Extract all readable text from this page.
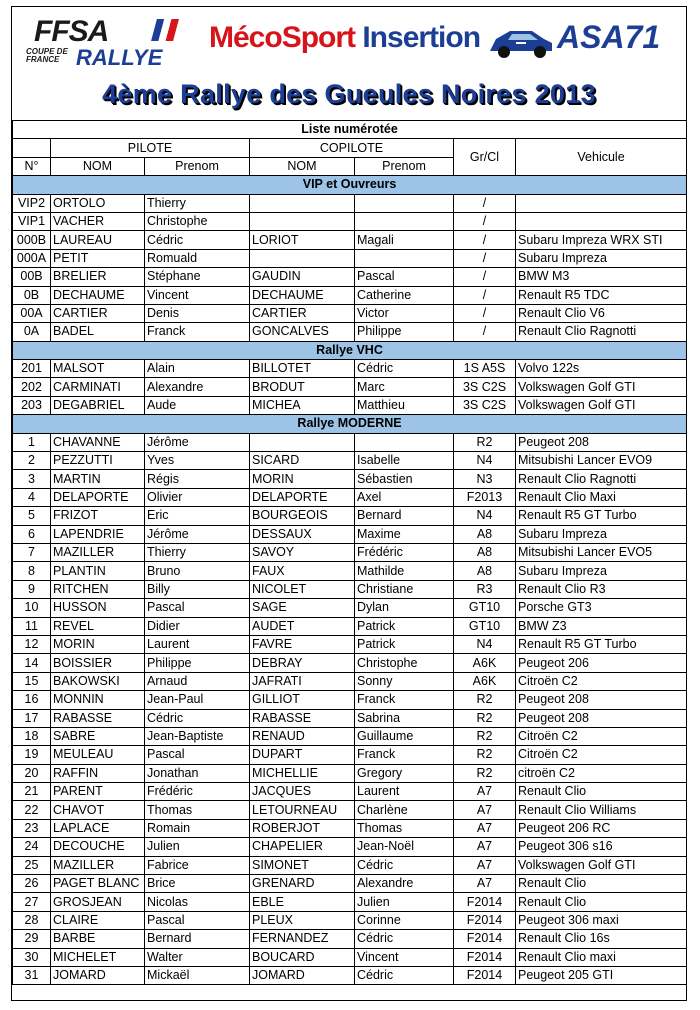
FFSA
COUPE DE FRANCE RALLYE
MécoSport Insertion ASA71
4ème Rallye des Gueules Noires 2013
Liste numérotée						
	PILOTE		COPILOTE		Gr/Cl	Vehicule
N°	NOM	Prenom	NOM	Prenom		
VIP et Ouvreurs						
VIP2	ORTOLO	Thierry			/	
VIP1	VACHER	Christophe			/	
000B	LAUREAU	Cédric	LORIOT	Magali	/	Subaru Impreza WRX STI
000A	PETIT	Romuald			/	Subaru Impreza
00B	BRELIER	Stéphane	GAUDIN	Pascal	/	BMW M3
0B	DECHAUME	Vincent	DECHAUME	Catherine	/	Renault R5 TDC
00A	CARTIER	Denis	CARTIER	Victor	/	Renault Clio V6
0A	BADEL	Franck	GONCALVES	Philippe	/	Renault Clio Ragnotti
Rallye VHC						
201	MALSOT	Alain	BILLOTET	Cédric	1S A5S	Volvo 122s
202	CARMINATI	Alexandre	BRODUT	Marc	3S C2S	Volkswagen Golf GTI
203	DEGABRIEL	Aude	MICHEA	Matthieu	3S C2S	Volkswagen Golf GTI
Rallye MODERNE						
1	CHAVANNE	Jérôme			R2	Peugeot 208
2	PEZZUTTI	Yves	SICARD	Isabelle	N4	Mitsubishi Lancer EVO9
3	MARTIN	Régis	MORIN	Sébastien	N3	Renault Clio Ragnotti
4	DELAPORTE	Olivier	DELAPORTE	Axel	F2013	Renault Clio Maxi
5	FRIZOT	Eric	BOURGEOIS	Bernard	N4	Renault R5 GT Turbo
6	LAPENDRIE	Jérôme	DESSAUX	Maxime	A8	Subaru Impreza
7	MAZILLER	Thierry	SAVOY	Frédéric	A8	Mitsubishi Lancer EVO5
8	PLANTIN	Bruno	FAUX	Mathilde	A8	Subaru Impreza
9	RITCHEN	Billy	NICOLET	Christiane	R3	Renault Clio R3
10	HUSSON	Pascal	SAGE	Dylan	GT10	Porsche GT3
11	REVEL	Didier	AUDET	Patrick	GT10	BMW Z3
12	MORIN	Laurent	FAVRE	Patrick	N4	Renault R5 GT Turbo
14	BOISSIER	Philippe	DEBRAY	Christophe	A6K	Peugeot 206
15	BAKOWSKI	Arnaud	JAFRATI	Sonny	A6K	Citroën C2
16	MONNIN	Jean-Paul	GILLIOT	Franck	R2	Peugeot 208
17	RABASSE	Cédric	RABASSE	Sabrina	R2	Peugeot 208
18	SABRE	Jean-Baptiste	RENAUD	Guillaume	R2	Citroën C2
19	MEULEAU	Pascal	DUPART	Franck	R2	Citroën C2
20	RAFFIN	Jonathan	MICHELLIE	Gregory	R2	citroën C2
21	PARENT	Frédéric	JACQUES	Laurent	A7	Renault Clio
22	CHAVOT	Thomas	LETOURNEAU	Charlène	A7	Renault Clio Williams
23	LAPLACE	Romain	ROBERJOT	Thomas	A7	Peugeot 206 RC
24	DECOUCHE	Julien	CHAPELIER	Jean-Noël	A7	Peugeot 306 s16
25	MAZILLER	Fabrice	SIMONET	Cédric	A7	Volkswagen Golf GTI
26	PAGET BLANC	Brice	GRENARD	Alexandre	A7	Renault Clio
27	GROSJEAN	Nicolas	EBLE	Julien	F2014	Renault Clio
28	CLAIRE	Pascal	PLEUX	Corinne	F2014	Peugeot 306 maxi
29	BARBE	Bernard	FERNANDEZ	Cédric	F2014	Renault Clio 16s
30	MICHELET	Walter	BOUCARD	Vincent	F2014	Renault Clio maxi
31	JOMARD	Mickaël	JOMARD	Cédric	F2014	Peugeot 205 GTI
